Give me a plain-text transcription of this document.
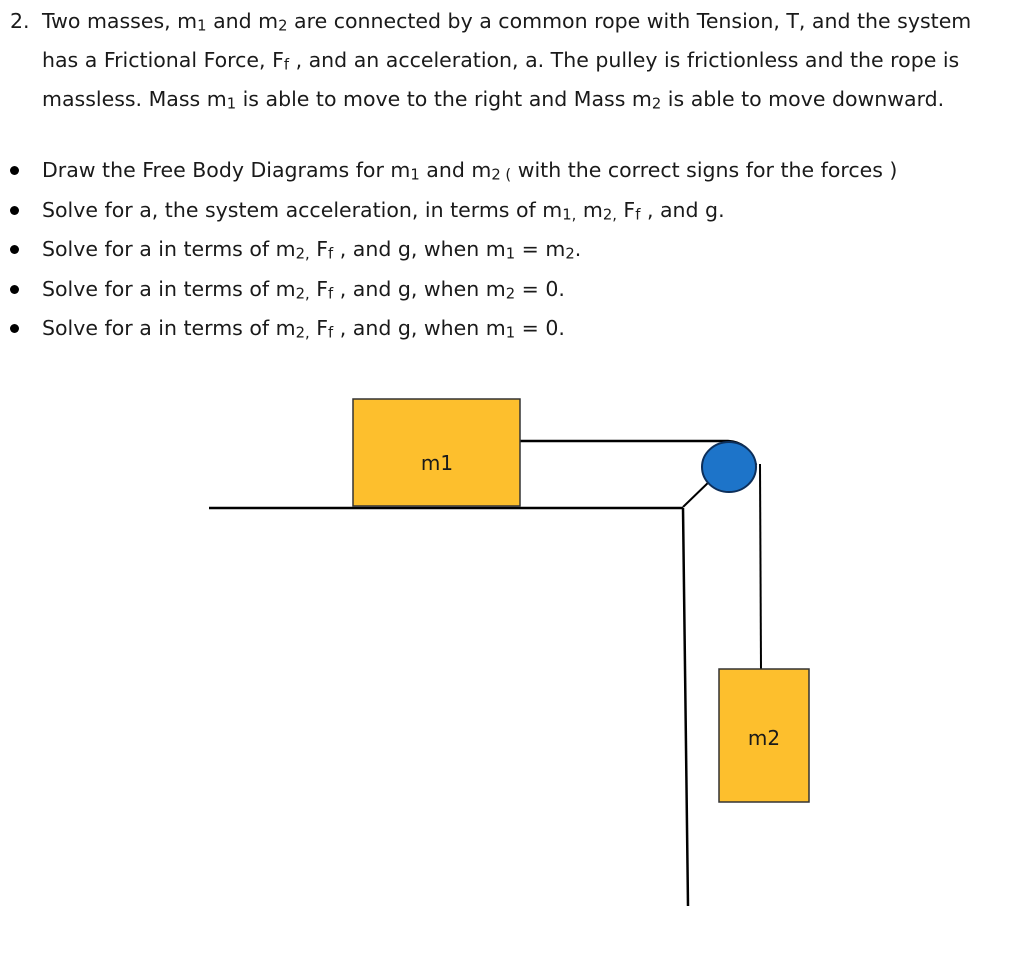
2. Two masses, $m_1$ and $m_2$ are connected by a common rope with Tension, T, and the system
has a Frictional Force, $F_f$ , and an acceleration, a. The pulley is frictionless and the rope is
massless. Mass $m_1$ is able to move to the right and Mass $m_2$ is able to move downward.
Draw the Free Body Diagrams for $m_1$ and $m_{2 (}$ with the correct signs for the forces )
Solve for a, the system acceleration, in terms of $m_{1,}$ $m_{2,}$ $F_f$ , and g.
Solve for a in terms of $m_{2,}$ $F_f$ , and g, when $m_1 = m_2$.
Solve for a in terms of $m_{2,}$ $F_f$ , and g, when $m_2 = 0$.
Solve for a in terms of $m_{2,}$ $F_f$ , and g, when $m_1 = 0$.
m1
m2
